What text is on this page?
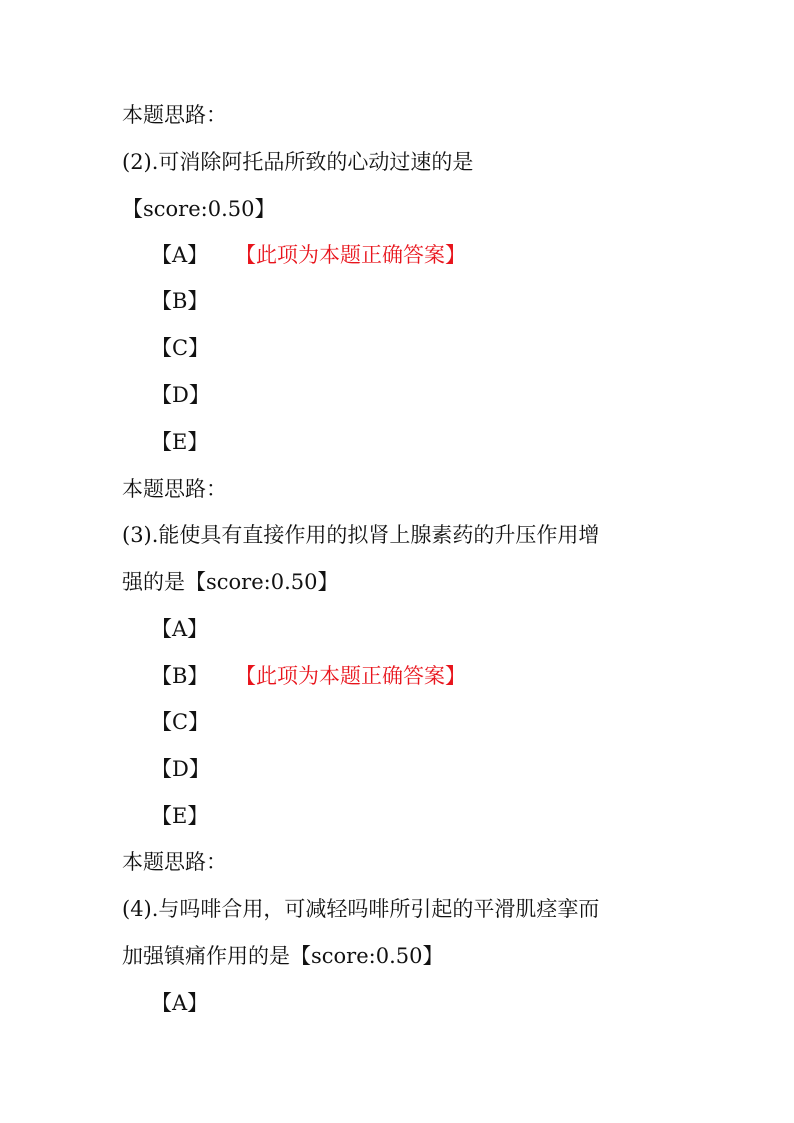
本题思路：
(2).可消除阿托品所致的心动过速的是
【score:0.50】
【A】 【此项为本题正确答案】
【B】
【C】
【D】
【E】
本题思路：
(3).能使具有直接作用的拟肾上腺素药的升压作用增
强的是【score:0.50】
【A】
【B】 【此项为本题正确答案】
【C】
【D】
【E】
本题思路：
(4).与吗啡合用，可减轻吗啡所引起的平滑肌痉挛而
加强镇痛作用的是【score:0.50】
【A】
